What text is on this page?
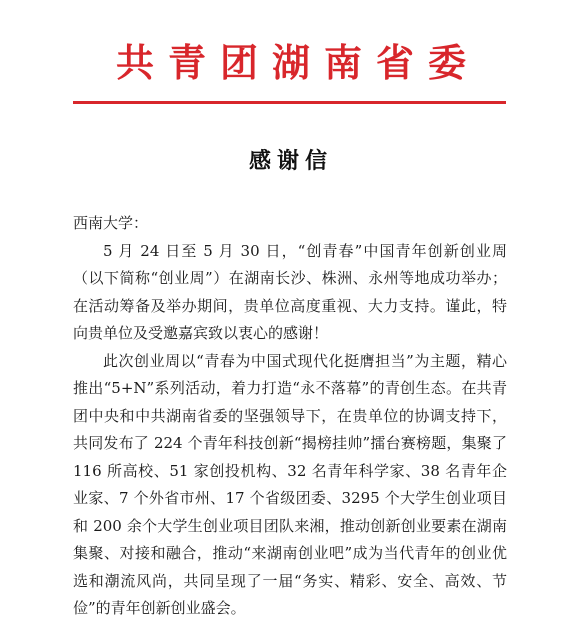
共青团湖南省委
感谢信

西南大学：

5 月 24 日至 5 月 30 日，“创青春”中国青年创新创业周（以下简称“创业周”）在湖南长沙、株洲、永州等地成功举办；在活动筹备及举办期间，贵单位高度重视、大力支持。谨此，特向贵单位及受邀嘉宾致以衷心的感谢！

此次创业周以“青春为中国式现代化挺膺担当”为主题，精心推出“5+N”系列活动，着力打造“永不落幕”的青创生态。在共青团中央和中共湖南省委的坚强领导下，在贵单位的协调支持下，共同发布了 224 个青年科技创新“揭榜挂帅”擂台赛榜题，集聚了 116 所高校、51 家创投机构、32 名青年科学家、38 名青年企业家、7 个外省市州、17 个省级团委、3295 个大学生创业项目和 200 余个大学生创业项目团队来湘，推动创新创业要素在湖南集聚、对接和融合，推动“来湖南创业吧”成为当代青年的创业优选和潮流风尚，共同呈现了一届“务实、精彩、安全、高效、节俭”的青年创新创业盛会。
